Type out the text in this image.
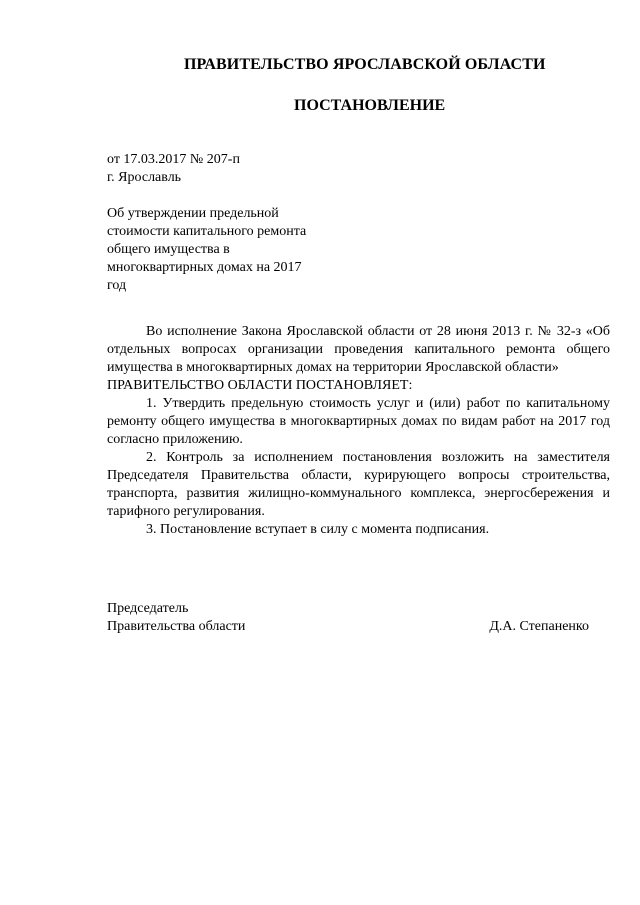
ПРАВИТЕЛЬСТВО ЯРОСЛАВСКОЙ ОБЛАСТИ
ПОСТАНОВЛЕНИЕ
от 17.03.2017 № 207-п
г. Ярославль
Об утверждении предельной стоимости капитального ремонта общего имущества в многоквартирных домах на 2017 год

Во исполнение Закона Ярославской области от 28 июня 2013 г. № 32-з «Об отдельных вопросах организации проведения капитального ремонта общего имущества в многоквартирных домах на территории Ярославской области»

ПРАВИТЕЛЬСТВО ОБЛАСТИ ПОСТАНОВЛЯЕТ:

1. Утвердить предельную стоимость услуг и (или) работ по капитальному ремонту общего имущества в многоквартирных домах по видам работ на 2017 год согласно приложению.

2. Контроль за исполнением постановления возложить на заместителя Председателя Правительства области, курирующего вопросы строительства, транспорта, развития жилищно-коммунального комплекса, энергосбережения и тарифного регулирования.

3. Постановление вступает в силу с момента подписания.

Председатель
Правительства области	Д.А. Степаненко
